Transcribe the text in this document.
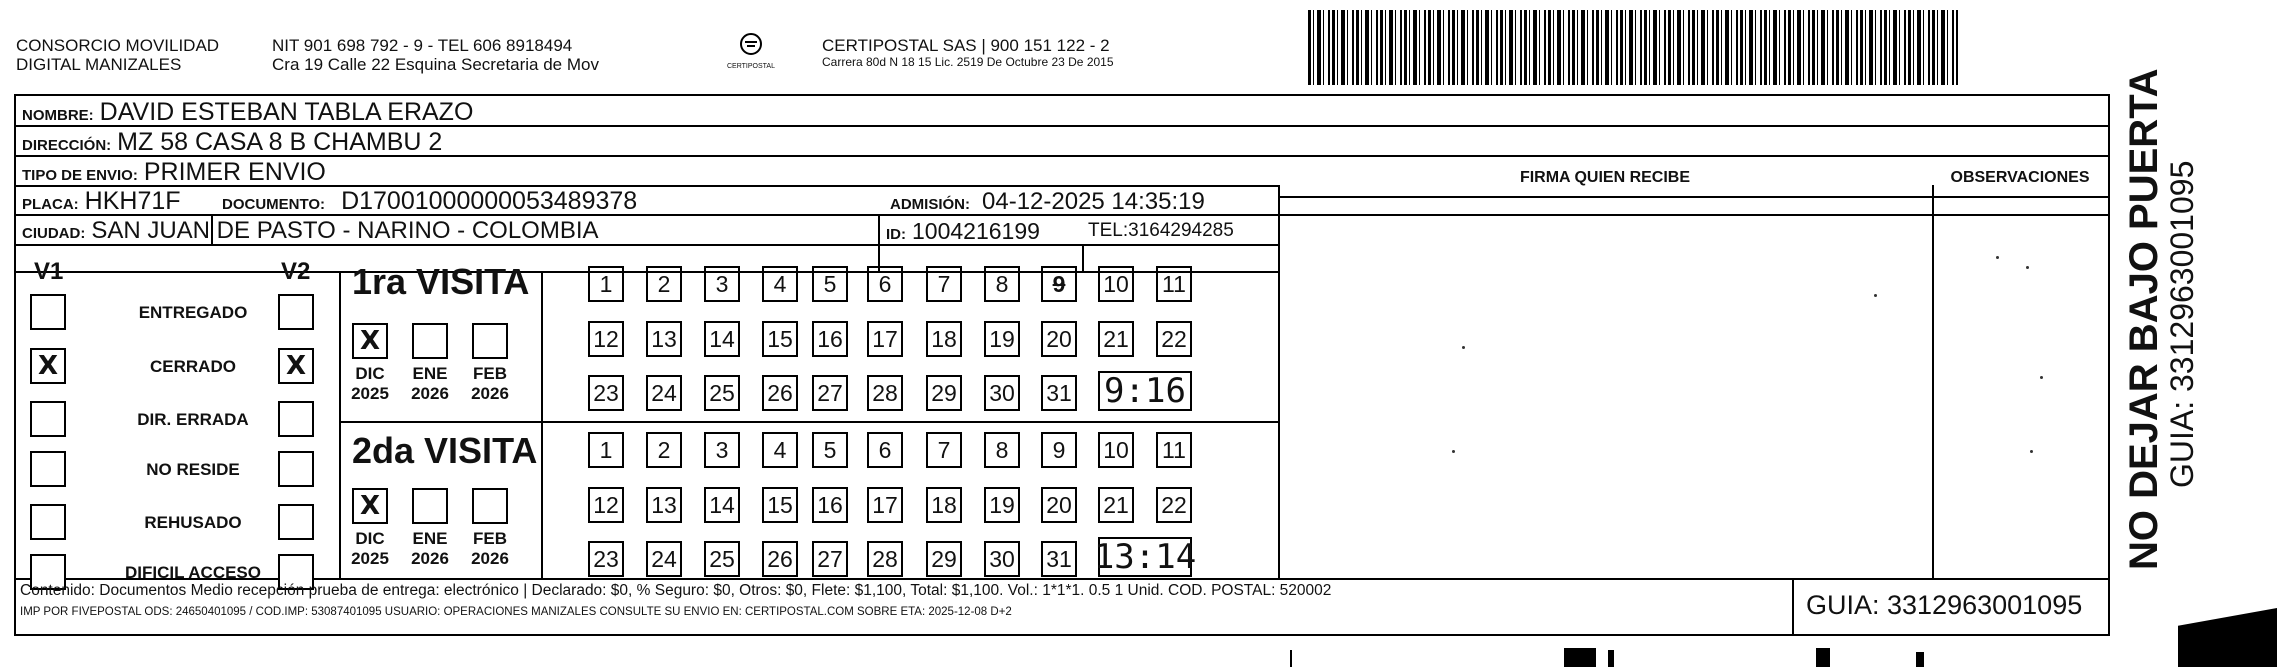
CONSORCIO MOVILIDAD
DIGITAL MANIZALES
NIT 901 698 792 - 9 - TEL 606 8918494
Cra 19 Calle 22 Esquina Secretaria de Mov	CERTIPOSTAL
CERTIPOSTAL SAS | 900 151 122 - 2
Carrera 80d N 18 15 Lic. 2519 De Octubre 23 De 2015
NOMBRE: DAVID ESTEBAN TABLA ERAZO
DIRECCIÓN: MZ 58 CASA 8 B CHAMBU 2
TIPO DE ENVIO: PRIMER ENVIO
PLACA: HKH71F	DOCUMENTO: D17001000000053489378	ADMISIÓN: 04-12-2025 14:35:19
CIUDAD: SAN JUAN DE PASTO - NARINO - COLOMBIA	ID: 1004216199	TEL: 3164294285
FIRMA QUIEN RECIBE	OBSERVACIONES
V1	V2
ENTREGADO
X	CERRADO	X
DIR. ERRADA
NO RESIDE
REHUSADO
DIFICIL ACCESO
1ra VISITA
2da VISITA
X
DIC
2025
ENE
2026
FEB
2026
X
DIC
2025
ENE
2026
FEB
2026
1 2 3 4 5 6 7 8 9 10 11
12 13 14 15 16 17 18 19 20 21 22
23 24 25 26 27 28 29 30 31 9:16
1 2 3 4 5 6 7 8 9 10 11
12 13 14 15 16 17 18 19 20 21 22
23 24 25 26 27 28 29 30 31 13:14
Contenido: Documentos Medio recepción prueba de entrega: electrónico | Declarado: $0, % Seguro: $0, Otros: $0, Flete: $1,100, Total: $1,100. Vol.: 1*1*1. 0.5 1 Unid. COD. POSTAL: 520002
IMP POR FIVEPOSTAL ODS: 24650401095 / COD.IMP: 53087401095 USUARIO: OPERACIONES MANIZALES CONSULTE SU ENVIO EN: CERTIPOSTAL.COM SOBRE ETA: 2025-12-08 D+2	GUIA: 3312963001095
NO DEJAR BAJO PUERTA
GUIA: 3312963001095
